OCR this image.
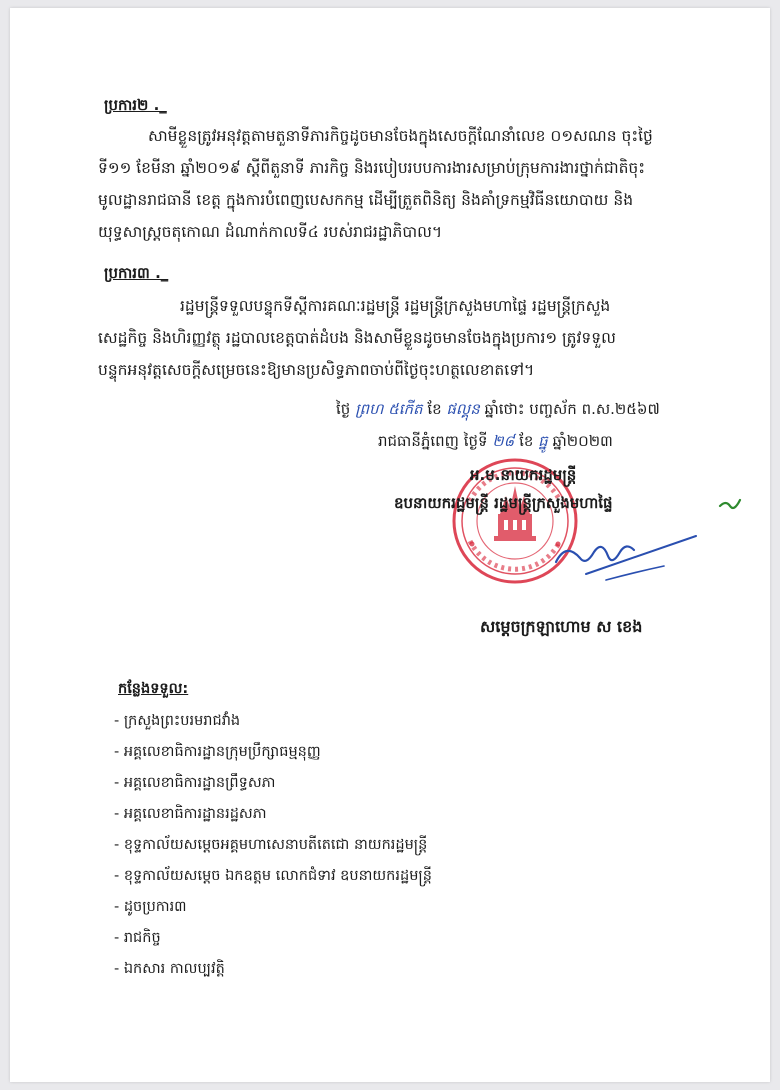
ប្រការ២ ._
សាមីខ្លួនត្រូវអនុវត្តតាមតួនាទីភារកិច្ចដូចមានចែងក្នុងសេចក្តីណែនាំលេខ ០១សណន ចុះថ្ងៃ
ទី១១ ខែមីនា ឆ្នាំ២០១៩ ស្តីពីតួនាទី ភារកិច្ច និងរបៀបរបបការងារសម្រាប់ក្រុមការងារថ្នាក់ជាតិចុះ
មូលដ្ឋានរាជធានី ខេត្ត ក្នុងការបំពេញបេសកកម្ម ដើម្បីត្រួតពិនិត្យ និងគាំទ្រកម្មវិធីនយោបាយ និង
យុទ្ធសាស្រ្តចតុកោណ ដំណាក់កាលទី៤ របស់រាជរដ្ឋាភិបាល។
ប្រការ៣ ._
រដ្ឋមន្រ្តីទទួលបន្ទុកទីស្តីការគណៈរដ្ឋមន្រ្តី រដ្ឋមន្រ្តីក្រសួងមហាផ្ទៃ រដ្ឋមន្រ្តីក្រសួង
សេដ្ឋកិច្ច និងហិរញ្ញវត្ថុ រដ្ឋបាលខេត្តបាត់ដំបង និងសាមីខ្លួនដូចមានចែងក្នុងប្រការ១ ត្រូវទទួល
បន្ទុកអនុវត្តសេចក្តីសម្រេចនេះឱ្យមានប្រសិទ្ធភាពចាប់ពីថ្ងៃចុះហត្ថលេខាតទៅ។
ថ្ងៃ ព្រហ ៥កើត ខែ ផល្គុន ឆ្នាំថោះ បញ្ចស័ក ព.ស.២៥៦៧
រាជធានីភ្នំពេញ ថ្ងៃទី ២៨ ខែ ធ្នូ ឆ្នាំ២០២៣
អ.ម.នាយករដ្ឋមន្ត្រី
ឧបនាយករដ្ឋមន្ត្រី រដ្ឋមន្ត្រីក្រសួងមហាផ្ទៃ
សម្តេចក្រឡាហោម ស ខេង
កន្លែងទទួល:
- ក្រសួងព្រះបរមរាជវាំង
- អគ្គលេខាធិការដ្ឋានក្រុមប្រឹក្សាធម្មនុញ្ញ
- អគ្គលេខាធិការដ្ឋានព្រឹទ្ធសភា
- អគ្គលេខាធិការដ្ឋានរដ្ឋសភា
- ខុទ្ទកាល័យសម្តេចអគ្គមហាសេនាបតីតេជោ នាយករដ្ឋមន្ត្រី
- ខុទ្ទកាល័យសម្តេច ឯកឧត្តម លោកជំទាវ ឧបនាយករដ្ឋមន្ត្រី
- ដូចប្រការ៣
- រាជកិច្ច
- ឯកសារ កាលប្បវត្តិ
